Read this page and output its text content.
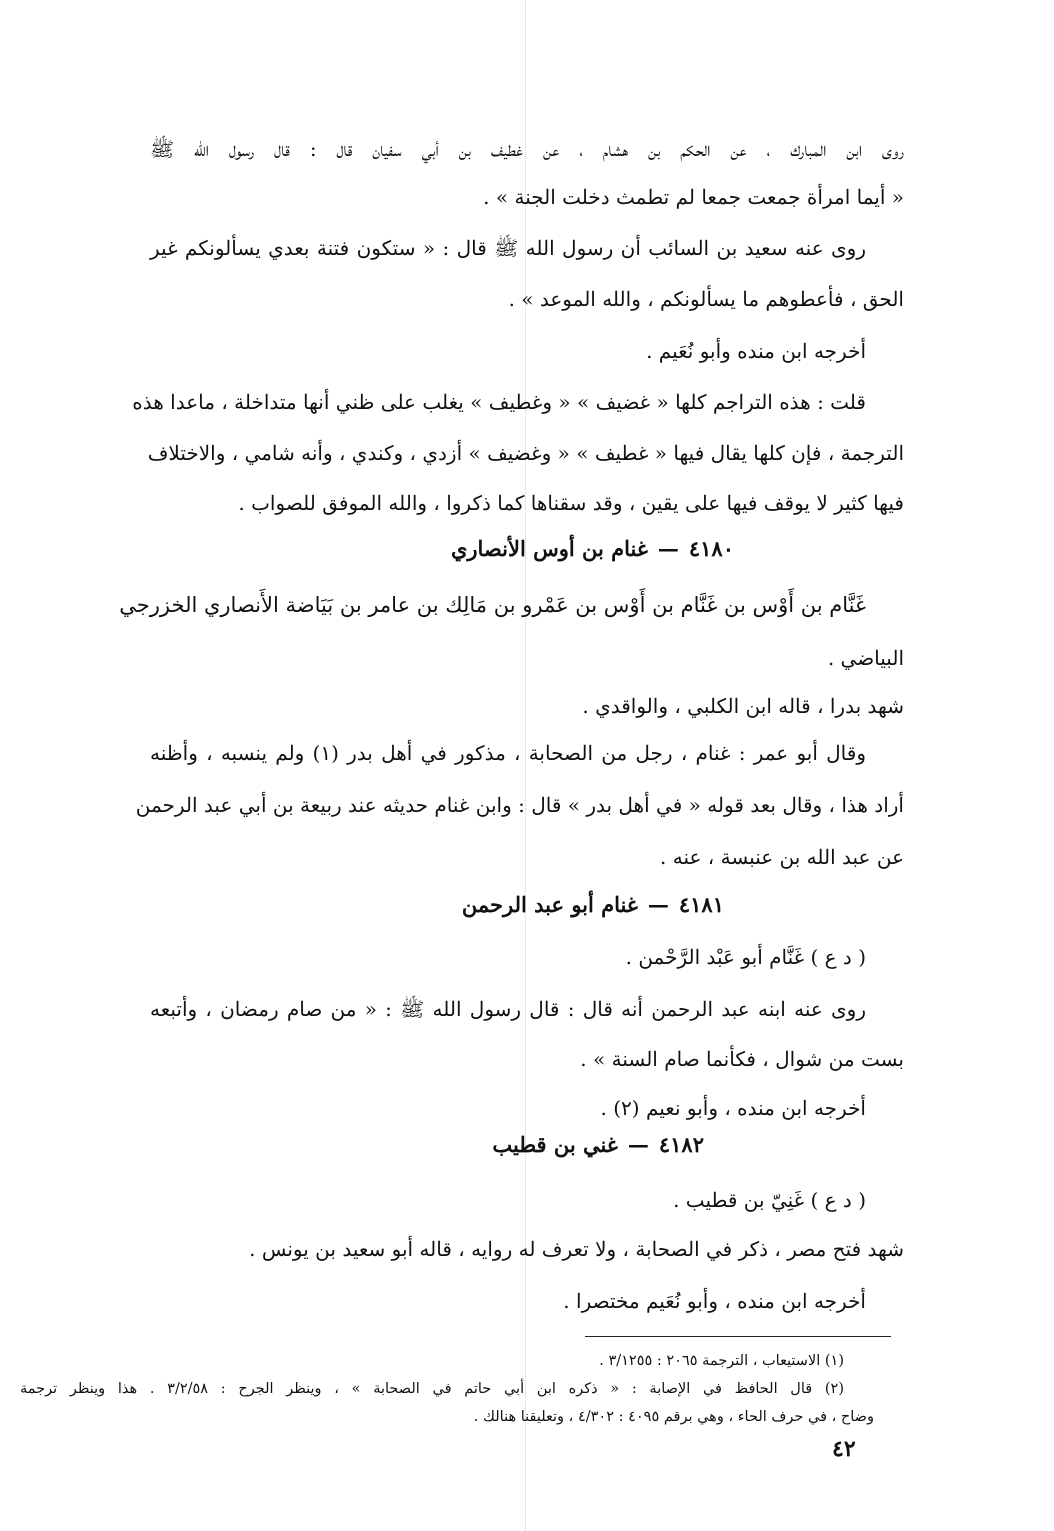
روى ابن المبارك ، عن الحكم بن هشام ، عن غطيف بن أبي سفيان قال : قال رسول الله ﷺ
« أيما امرأة جمعت جمعا لم تطمث دخلت الجنة » .
روى عنه سعيد بن السائب أن رسول الله ﷺ قال : « ستكون فتنة بعدي يسألونكم غير
الحق ، فأعطوهم ما يسألونكم ، والله الموعد » .
أخرجه ابن منده وأبو نُعَيم .
قلت : هذه التراجم كلها « غضيف » « وغطيف » يغلب على ظني أنها متداخلة ، ماعدا هذه
الترجمة ، فإن كلها يقال فيها « غطيف » « وغضيف » أزدي ، وكندي ، وأنه شامي ، والاختلاف
فيها كثير لا يوقف فيها على يقين ، وقد سقناها كما ذكروا ، والله الموفق للصواب .
٤١٨٠—غنام بن أوس الأنصاري
غَنَّام بن أَوْس بن غَنَّام بن أَوْس بن عَمْرو بن مَالِك بن عامر بن بَيَاضة الأَنصاري الخزرجي
البياضي .
شهد بدرا ، قاله ابن الكلبي ، والواقدي .
وقال أبو عمر : غنام ، رجل من الصحابة ، مذكور في أهل بدر (١) ولم ينسبه ، وأظنه
أراد هذا ، وقال بعد قوله « في أهل بدر » قال : وابن غنام حديثه عند ربيعة بن أبي عبد الرحمن
عن عبد الله بن عنبسة ، عنه .
٤١٨١—غنام أبو عبد الرحمن
( د ع ) غَنَّام أبو عَبْد الرَّحْمن .
روى عنه ابنه عبد الرحمن أنه قال : قال رسول الله ﷺ : « من صام رمضان ، وأتبعه
بست من شوال ، فكأنما صام السنة » .
أخرجه ابن منده ، وأبو نعيم (٢) .
٤١٨٢—غني بن قطيب
( د ع ) غَنِيّ بن قطيب .
شهد فتح مصر ، ذكر في الصحابة ، ولا تعرف له روايه ، قاله أبو سعيد بن يونس .
أخرجه ابن منده ، وأبو نُعَيم مختصرا .
(١) الاستيعاب ، الترجمة ٢٠٦٥ : ٣/١٢٥٥ .
(٢) قال الحافظ في الإصابة : « ذكره ابن أبي حاتم في الصحابة » ، وينظر الجرح : ٣/٢/٥٨ . هذا وينظر ترجمة
وضاح ، في حرف الحاء ، وهي برقم ٤٠٩٥ : ٤/٣٠٢ ، وتعليقنا هنالك .
٤٢
